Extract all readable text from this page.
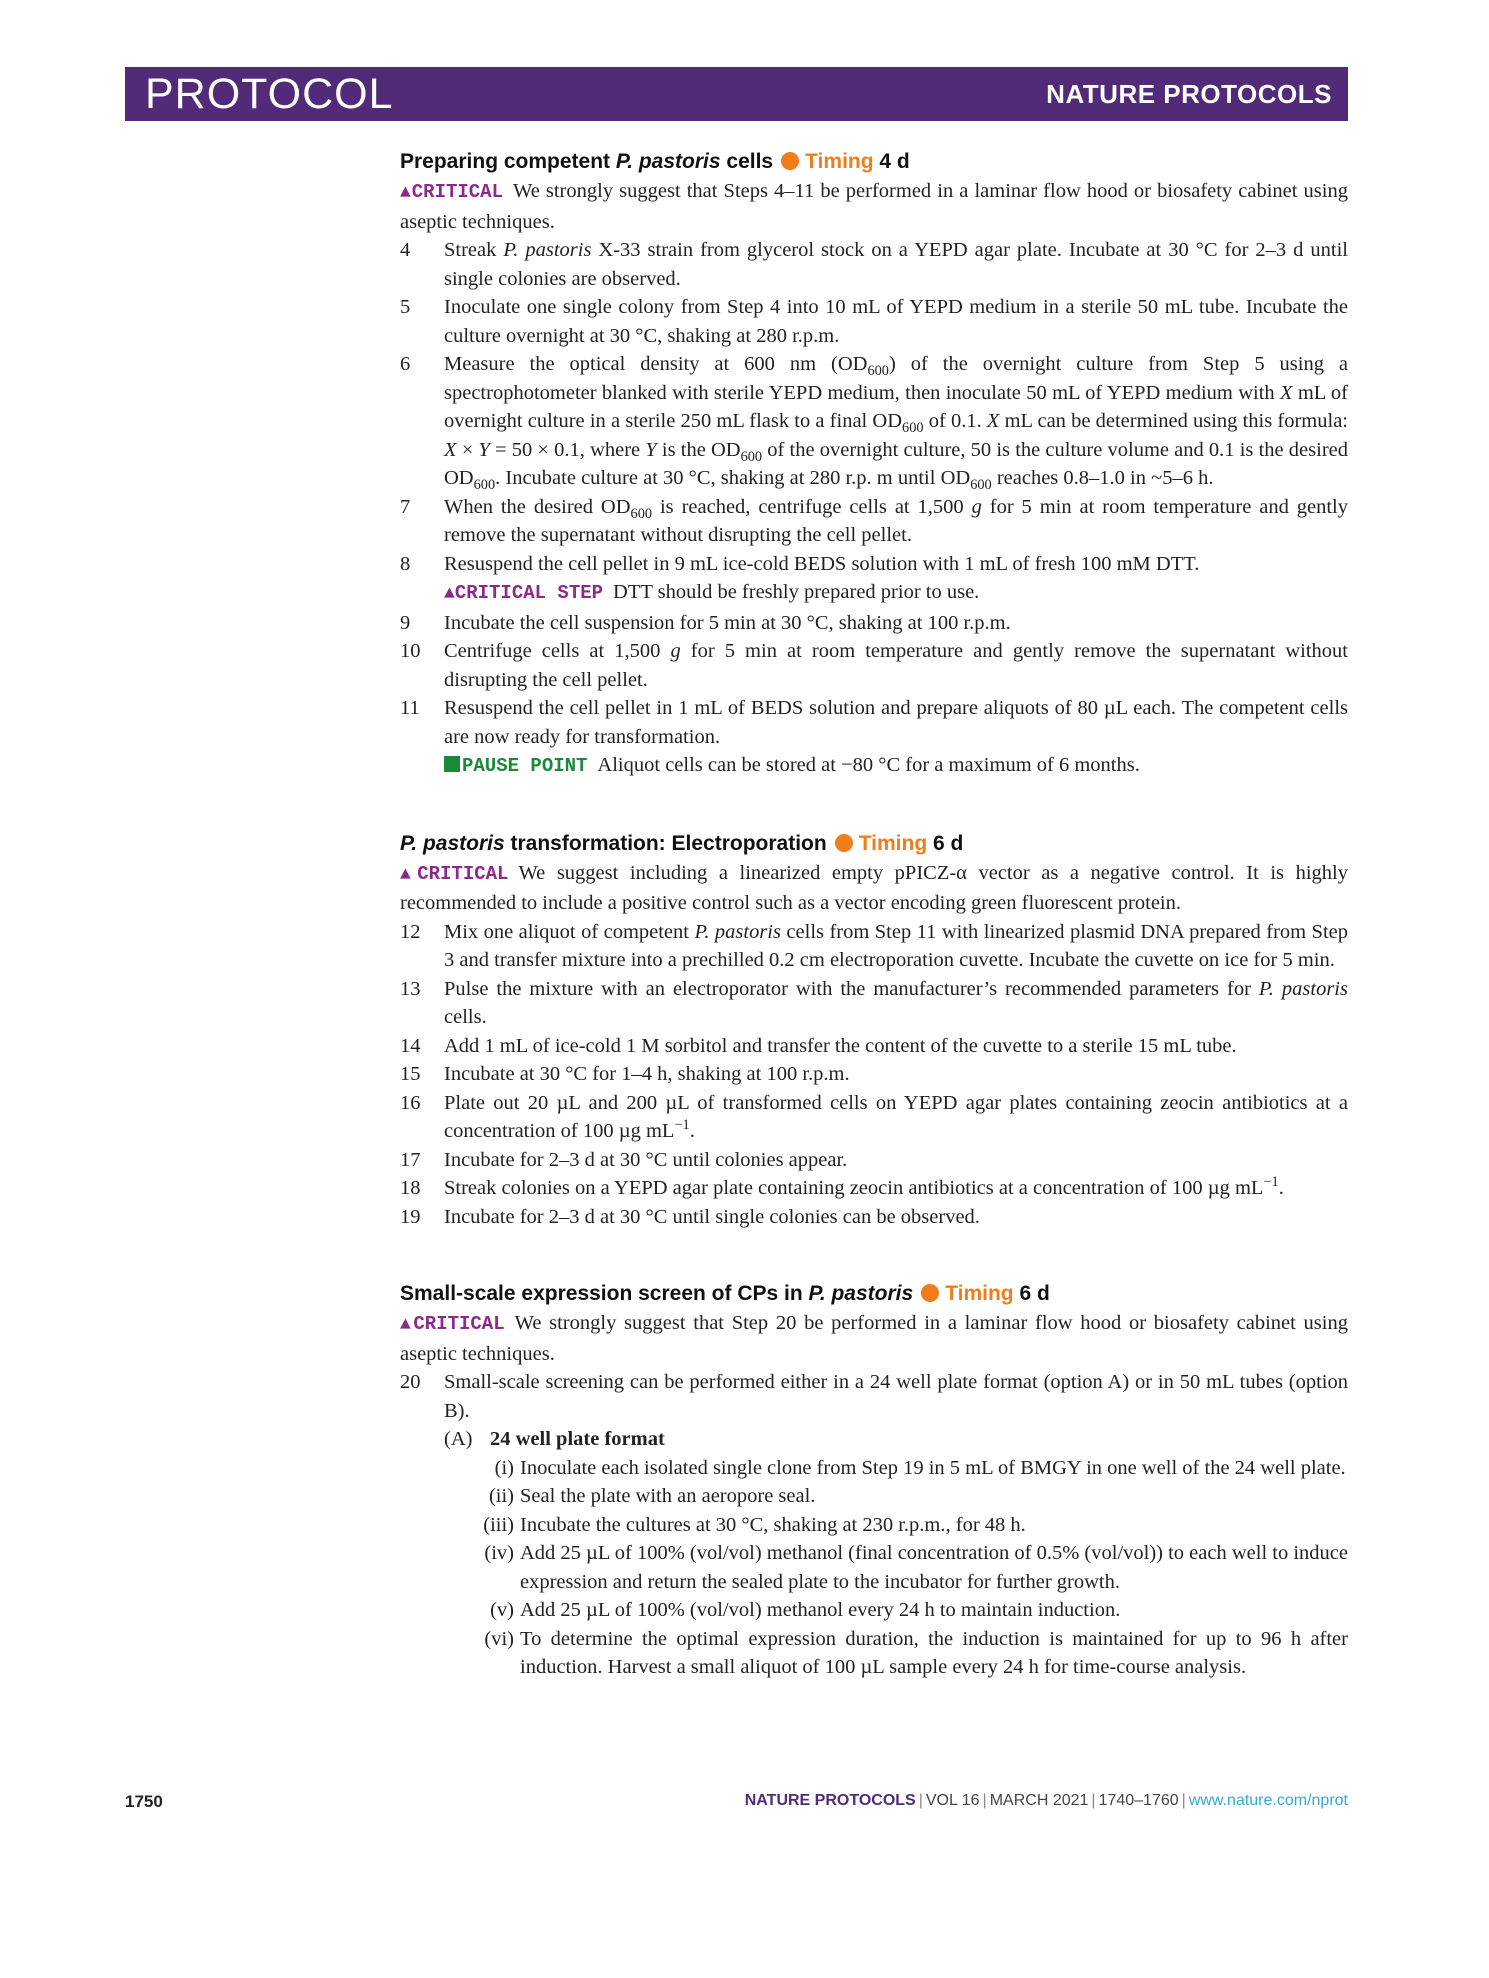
PROTOCOL	NATURE PROTOCOLS
Preparing competent P. pastoris cells Timing 4 d
▲CRITICAL We strongly suggest that Steps 4–11 be performed in a laminar flow hood or biosafety cabinet using aseptic techniques.
4	Streak P. pastoris X-33 strain from glycerol stock on a YEPD agar plate. Incubate at 30 °C for 2–3 d until single colonies are observed.
5	Inoculate one single colony from Step 4 into 10 mL of YEPD medium in a sterile 50 mL tube. Incubate the culture overnight at 30 °C, shaking at 280 r.p.m.
6	Measure the optical density at 600 nm $(OD_{600})$ of the overnight culture from Step 5 using a spectrophotometer blanked with sterile YEPD medium, then inoculate 50 mL of YEPD medium with X mL of overnight culture in a sterile 250 mL flask to a final $OD_{600}$ of 0.1. X mL can be determined using this formula: X × Y = 50 × 0.1, where Y is the $OD_{600}$ of the overnight culture, 50 is the culture volume and 0.1 is the desired $OD_{600}$. Incubate culture at 30 °C, shaking at 280 r.p. m until $OD_{600}$ reaches 0.8–1.0 in ~5–6 h.
7	When the desired $OD_{600}$ is reached, centrifuge cells at 1,500 g for 5 min at room temperature and gently remove the supernatant without disrupting the cell pellet.
8	Resuspend the cell pellet in 9 mL ice-cold BEDS solution with 1 mL of fresh 100 mM DTT.
▲CRITICAL STEP DTT should be freshly prepared prior to use.
9	Incubate the cell suspension for 5 min at 30 °C, shaking at 100 r.p.m.
10	Centrifuge cells at 1,500 g for 5 min at room temperature and gently remove the supernatant without disrupting the cell pellet.
11	Resuspend the cell pellet in 1 mL of BEDS solution and prepare aliquots of 80 µL each. The competent cells are now ready for transformation.
PAUSE POINT Aliquot cells can be stored at −80 °C for a maximum of 6 months.
P. pastoris transformation: Electroporation Timing 6 d
▲CRITICAL We suggest including a linearized empty pPICZ-α vector as a negative control. It is highly recommended to include a positive control such as a vector encoding green fluorescent protein.
12	Mix one aliquot of competent P. pastoris cells from Step 11 with linearized plasmid DNA prepared from Step 3 and transfer mixture into a prechilled 0.2 cm electroporation cuvette. Incubate the cuvette on ice for 5 min.
13	Pulse the mixture with an electroporator with the manufacturer’s recommended parameters for P. pastoris cells.
14	Add 1 mL of ice-cold 1 M sorbitol and transfer the content of the cuvette to a sterile 15 mL tube.
15	Incubate at 30 °C for 1–4 h, shaking at 100 r.p.m.
16	Plate out 20 µL and 200 µL of transformed cells on YEPD agar plates containing zeocin antibiotics at a concentration of 100 µg $mL^{-1}$.
17	Incubate for 2–3 d at 30 °C until colonies appear.
18	Streak colonies on a YEPD agar plate containing zeocin antibiotics at a concentration of 100 µg $mL^{-1}$.
19	Incubate for 2–3 d at 30 °C until single colonies can be observed.
Small-scale expression screen of CPs in P. pastoris Timing 6 d
▲CRITICAL We strongly suggest that Step 20 be performed in a laminar flow hood or biosafety cabinet using aseptic techniques.
20	Small-scale screening can be performed either in a 24 well plate format (option A) or in 50 mL tubes (option B).
(A) 24 well plate format
(i) Inoculate each isolated single clone from Step 19 in 5 mL of BMGY in one well of the 24 well plate.
(ii) Seal the plate with an aeropore seal.
(iii) Incubate the cultures at 30 °C, shaking at 230 r.p.m., for 48 h.
(iv) Add 25 µL of 100% (vol/vol) methanol (final concentration of 0.5% (vol/vol)) to each well to induce expression and return the sealed plate to the incubator for further growth.
(v) Add 25 µL of 100% (vol/vol) methanol every 24 h to maintain induction.
(vi) To determine the optimal expression duration, the induction is maintained for up to 96 h after induction. Harvest a small aliquot of 100 µL sample every 24 h for time-course analysis.
1750	NATURE PROTOCOLS | VOL 16 | MARCH 2021 | 1740–1760 | www.nature.com/nprot
